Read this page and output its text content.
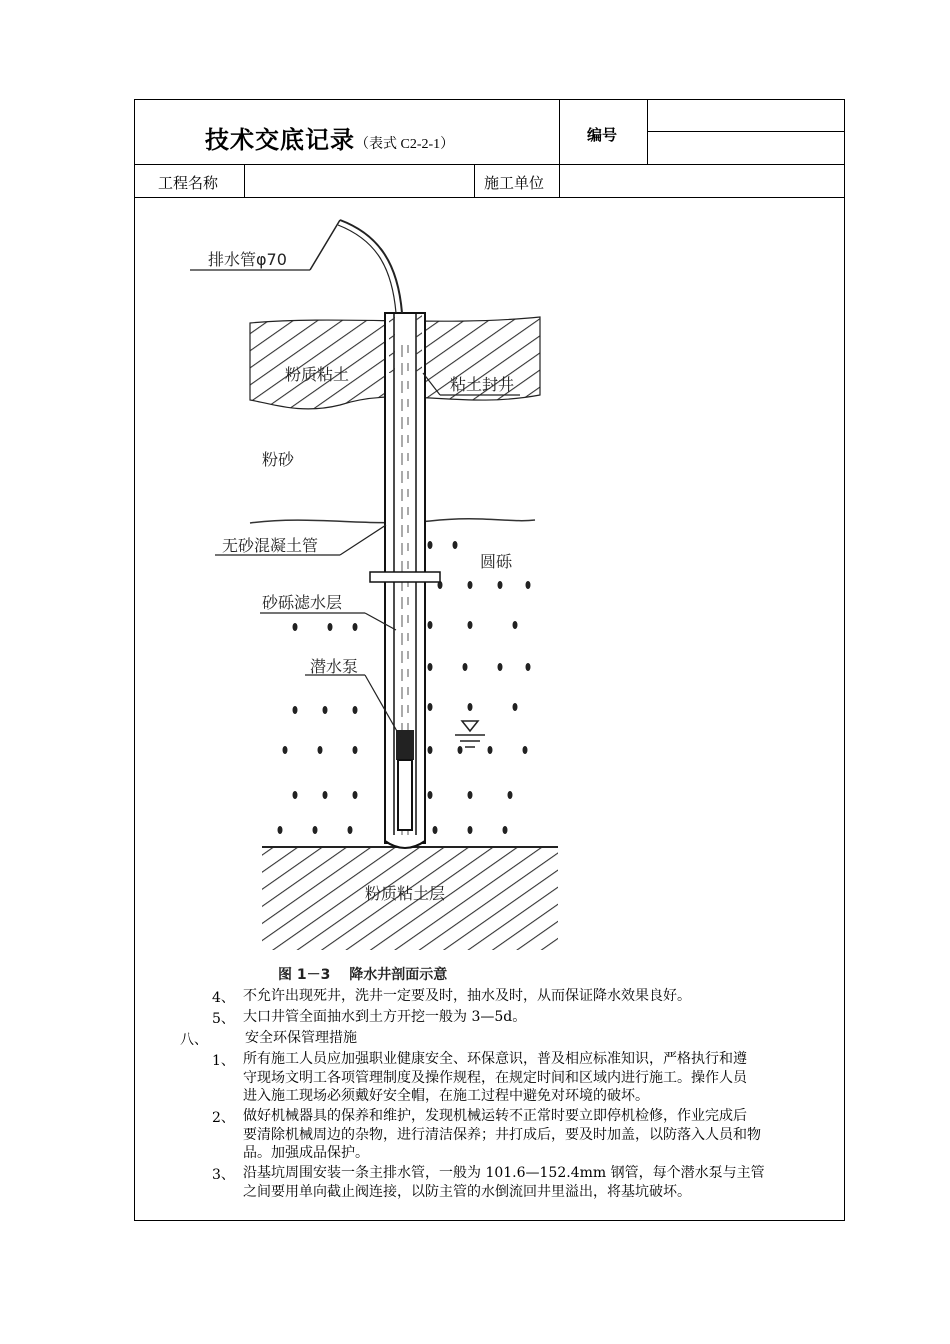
技术交底记录（表式 C2-2-1）
编号
工程名称	施工单位
排水管φ70
粉质粘土
粘土封井
粉砂
无砂混凝土管
圆砾
砂砾滤水层
潜水泵
粉质粘土层
图 1－3　 降水井剖面示意
4、 不允许出现死井，洗井一定要及时，抽水及时，从而保证降水效果良好。
5、 大口井管全面抽水到土方开挖一般为 3—5d。
八、	安全环保管理措施
1、 所有施工人员应加强职业健康安全、环保意识，普及相应标准知识，严格执行和遵
守现场文明工各项管理制度及操作规程，在规定时间和区域内进行施工。操作人员
进入施工现场必须戴好安全帽，在施工过程中避免对环境的破坏。
2、 做好机械器具的保养和维护，发现机械运转不正常时要立即停机检修，作业完成后
要清除机械周边的杂物，进行清洁保养；井打成后，要及时加盖，以防落入人员和物
品。加强成品保护。
3、 沿基坑周围安装一条主排水管，一般为 101.6—152.4mm 钢管，每个潜水泵与主管
之间要用单向截止阀连接，以防主管的水倒流回井里溢出，将基坑破坏。
